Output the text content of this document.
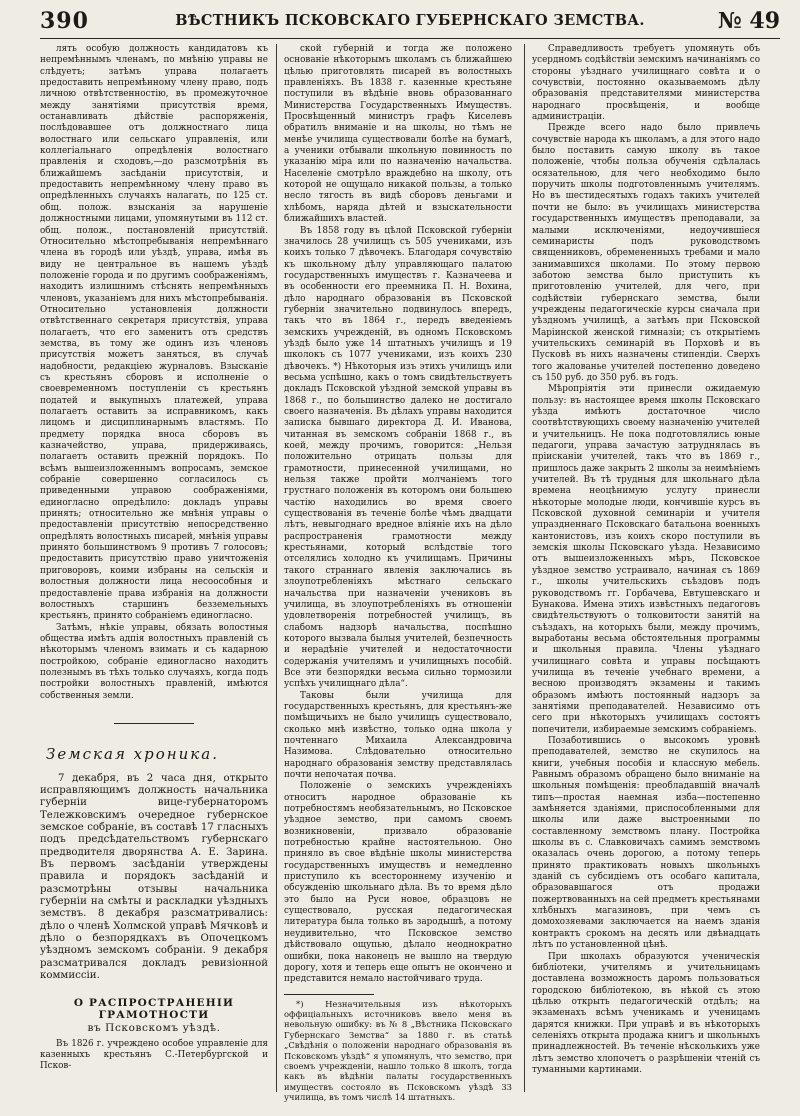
390	ВѢСТНИКЪ ПСКОВСКАГО ГУБЕРНСКАГО ЗЕМСТВА.	№ 49

лять особую должность кандидатовъ къ непремѣннымъ членамъ, по мнѣнію управы не слѣдуетъ; затѣмъ управа полагаетъ предоставить непремѣнному члену право, подъ личною отвѣтственностію, въ промежуточное между занятіями присутствія время, останавливать дѣйствіе распоряженія, послѣдовавшее отъ должностнаго лица волостнаго или сельскаго управленія, или коллегіальнаго опредѣленія волостнаго правленія и сходовъ,—до разсмотрѣнія въ ближайшемъ засѣданіи присутствія, и предоставить непремѣнному члену право въ опредѣленныхъ случаяхъ налагать, по 125 ст. общ. полож. взысканія за нарушеніе должностными лицами, упомянутыми въ 112 ст. общ. полож., постановленій присутствій. Относительно мѣстопребыванія непремѣннаго члена въ городѣ или уѣздѣ, управа, имѣя въ виду не центральное въ нашемъ уѣздѣ положеніе города и по другимъ соображеніямъ, находитъ излишнимъ стѣснять непремѣнныхъ членовъ, указаніемъ для нихъ мѣстопребыванія. Относительно установленія должности отвѣтственнаго секретаря присутствія, управа полагаетъ, что его заменитъ отъ средствъ земства, въ тому же одинъ изъ членовъ присутствія можетъ заняться, въ случаѣ надобности, редакціею журналовъ. Взысканіе съ крестьянъ сборовъ и исполненіе о своевременномъ поступленіи съ крестьянъ податей и выкупныхъ платежей, управа полагаетъ оставить за исправникомъ, какъ лицомъ и дисциплинарнымъ властямъ. По предмету порядка вноса сборовъ въ казначейство, управа, придерживаясь, полагаетъ оставить прежній порядокъ. По всѣмъ вышеизложеннымъ вопросамъ, земское собраніе совершенно согласилось съ приведенными управою соображеніями, единогласно опредѣлило: докладъ управы принять; относительно же мнѣнія управы о предоставленіи присутствію непосредственно опредѣлять волостныхъ писарей, мнѣнія управы принято большинствомъ 9 противъ 7 голосовъ; предоставить присутствію право уничтоженія приговоровъ, коими избраны на сельскія и волостныя должности лица несоособныя и предоставленіе права избранія на должности волостныхъ старшинъ безземельныхъ крестьянъ, принято собраніемъ единогласно.

Затѣмъ, нѣкіе управы, обязать волостныя общества имѣть адпія волостныхъ правленій съ нѣкоторымъ членомъ взимать и съ кадарною постройкою, собраніе единогласно находитъ полезнымъ въ тѣхъ только случаяхъ, когда подъ постройки волостныхъ правленій, имѣются собственныя земли.

Земская хроника.

7 декабря, въ 2 часа дня, открыто исправляющимъ должность начальника губерніи вице-губернаторомъ Тележковскимъ очередное губернское земское собраніе, въ составѣ 17 гласныхъ подъ предсѣдательствомъ губернскаго предводителя дворянства А. Е. Зарина. Въ первомъ засѣданіи утверждены правила и порядокъ засѣданій и разсмотрѣны отзывы начальника губерніи на смѣты и раскладки уѣздныхъ земствъ. 8 декабря разсматривались: дѣло о членѣ Холмской управѣ Мячковѣ и дѣло о безпорядкахъ въ Опочецкомъ уѣздномъ земскомъ собраніи. 9 декабря разсматривался докладъ ревизіонной коммиссіи.

О РАСПРОСТРАНЕНІИ ГРАМОТНОСТИ
въ Псковскомъ уѣздѣ.

Въ 1826 г. учреждено особое управленіе для казенныхъ крестьянъ С.-Петербургской и Псков-

ской губерній и тогда же положено основаніе нѣкоторымъ школамъ съ ближайшею цѣлью приготовлять писарей въ волостныхъ правленіяхъ. Въ 1838 г. казенные крестьяне поступили въ вѣдѣніе вновь образованнаго Министерства Государственныхъ Имуществъ. Просвѣщенный министръ графъ Киселевъ обратилъ вниманіе и на школы, но тѣмъ не менѣе училища существовали болѣе на бумагѣ, а ученики отбывали школьную повинность по указанію міра или по назначенію начальства. Населеніе смотрѣло враждебно на школу, отъ которой не ощущало никакой пользы, а только несло тягость въ видѣ сборовъ деньгами и хлѣбомъ, наряда дѣтей и взыскательности ближайшихъ властей.

Въ 1858 году въ цѣлой Псковской губерніи значилось 28 училищъ съ 505 учениками, изъ коихъ только 7 дѣвочекъ. Благодаря сочувствію къ школьному дѣлу управляющаго палатою государственныхъ имуществъ г. Казначеева и въ особенности его преемника П. Н. Вохина, дѣло народнаго образованія въ Псковской губерніи значительно подвинулось впередъ, такъ что въ 1864 г., передъ введеніемъ земскихъ учрежденій, въ одномъ Псковскомъ уѣздѣ было уже 14 штатныхъ училищъ и 19 школокъ съ 1077 учениками, изъ коихъ 230 дѣвочекъ. *) Нѣкоторыя изъ этихъ училищъ или весьма успѣшно, какъ о томъ свидѣтельствуетъ докладъ Псковской уѣздной земской управы въ 1868 г., по большинство далеко не достигало своего назначенія. Въ дѣлахъ управы находится записка бывшаго директора Д. И. Иванова, читанная въ земскомъ собраніи 1868 г., въ коей, между прочимъ, говорится: „Нельзя положительно отрицать пользы для грамотности, принесенной училищами, но нельзя также пройти молчаніемъ того грустнаго положенія въ которомъ они большею частію находились во время своего существованія въ теченіе болѣе чѣмъ двадцати лѣтъ, невыгоднаго вредное вліяніе ихъ на дѣло распространенія грамотности между крестьянами, который вслѣдствіе того отселялись холодно къ училищамъ. Причины такого страннаго явленія заключались въ злоупотребленіяхъ мѣстнаго сельскаго начальства при назначеніи учениковъ въ училища, въ злоупотребленіяхъ въ отношеніи удовлетворенія потребностей училищъ, въ слабомъ надзорѣ начальства, поспѣшно которого вызвала былыя учителей, безпечность и нерадѣніе учителей и недостаточности содержанія учителямъ и училищныхъ пособій. Все эти безпорядки весьма сильно тормозили успѣхъ училищнаго дѣла“.

Таковы были училища для государственныхъ крестьянъ, для крестьянъ-же помѣщичьихъ не было училищъ существовало, сколько мнѣ извѣстно, только одна школа у почтеннаго Михаила Александровича Назимова. Слѣдовательно относительно народнаго образованія земству представлялась почти непочатая почва.

Положеніе о земскихъ учрежденіяхъ относитъ народное образованіе къ потребностямъ необязательнымъ, но Псковское уѣздное земство, при самомъ своемъ возникновеніи, призвало образованіе потребностью крайне настоятельною. Оно приняло въ свое вѣдѣніе школы министерства государственныхъ имуществъ и немедленно приступило къ всестороннему изученію и обсужденію школьнаго дѣла. Въ то время дѣло это было на Руси новое, образцовъ не существовало, русская педагогическая литература была только въ зародышѣ, а потому неудивительно, что Псковское земство дѣйствовало ощупью, дѣлало неоднократно ошибки, пока наконецъ не вышло на твердую дорогу, хотя и теперь еще опытъ не окончено и представится немало настойчиваго труда.

*) Незначительныя изъ нѣкоторыхъ оффиціальныхъ источниковъ ввело меня въ невольную ошибку: въ № 8 „Вѣстника Псковскаго Губернскаго Земства“ за 1880 г. въ статьѣ „Свѣдѣнія о положеніи народнаго образованія въ Псковскомъ уѣздѣ“ я упомянулъ, что земство, при своемъ учрежденіи, нашло только 8 школъ, тогда какъ въ вѣдѣніи палаты государственныхъ имуществъ состояло въ Псковскомъ уѣздѣ 33 училища, въ томъ числѣ 14 штатныхъ.

Справедливость требуетъ упомянуть объ усердномъ содѣйствіи земскимъ начинаніямъ со стороны уѣзднаго училищнаго совѣта и о сочувствіи, постоянно оказываемомъ дѣлу образованія представителями министерства народнаго просвѣщенія, и вообще администраціи.

Прежде всего надо было привлечь сочувствіе народа къ школамъ, а для этого надо было поставить самую школу въ такое положеніе, чтобы польза обученія сдѣлалась осязательною, для чего необходимо было поручить школы подготовленнымъ учителямъ. Но въ шестидесятыхъ годахъ такихъ учителей почти не было: въ училищахъ министерства государственныхъ имуществъ преподавали, за малыми исключеніями, недоучившіеся семинаристы подъ руководствомъ священниковъ, обремененныхъ требами и мало занимавшихся школами. По этому первою заботою земства было приступить къ приготовленію учителей, для чего, при содѣйствіи губернскаго земства, были учреждены педагогическіе курсы сначала при уѣздномъ училищѣ, а затѣмъ при Псковской Маріинской женской гимназіи; съ открытіемъ учительскихъ семинарій въ Порховѣ и въ Пусковѣ въ нихъ назначены стипендіи. Сверхъ того жалованье учителей постепенно доведено съ 150 руб. до 350 руб. въ годъ.

Мѣропріятія эти принесли ожидаемую пользу: въ настоящее время школы Псковскаго уѣзда имѣютъ достаточное число соотвѣтствующихъ своему назначенію учителей и учительницъ. Не пока подготовлялись юные педагоги, управа зачастую затруднялась въ пріисканіи учителей, такъ что въ 1869 г., пришлось даже закрыть 2 школы за неимѣніемъ учителей. Въ тѣ трудныя для школьнаго дѣла времена неоцѣнимую услугу принесли нѣкоторые молодые люди, кончившіе курсъ въ Псковской духовной семинаріи и учителя упраздненнаго Псковскаго батальона военныхъ кантонистовъ, изъ коихъ скоро поступили въ земскія школы Псковскаго уѣзда. Независимо отъ вышеизложенныхъ мѣръ, Псковское уѣздное земство устраивало, начиная съ 1869 г., школы учительскихъ съѣздовъ подъ руководствомъ гг. Горбачева, Евтушевскаго и Бунакова. Имена этихъ извѣстныхъ педагоговъ свидѣтельствуютъ о толковитости занятій на съѣздахъ, на которыхъ были, между прочимъ, выработаны весьма обстоятельныя программы и школьныя правила. Члены уѣзднаго училищнаго совѣта и управы посѣщаютъ училища въ теченіе учебнаго времени, а весною производятъ экзамены и такимъ образомъ имѣютъ постоянный надзоръ за занятіями преподавателей. Независимо отъ сего при нѣкоторыхъ училищахъ состоятъ попечители, избираемые земскимъ собраніемъ.

Позаботившись о высокомъ уровнѣ преподавателей, земство не скупилось на книги, учебныя пособія и классную мебель. Равнымъ образомъ обращено было вниманіе на школьныя помѣщенія: преобладавшій вначалѣ типъ—простая наемная изба—постепенно замѣняется зданіями, приспособленными для школы или даже выстроенными по составленному земствомъ плану. Постройка школы въ с. Славковичахъ самимъ земствомъ оказалась очень дорогою, а потому теперь принято практиковать новыхъ школьныхъ зданій съ субсидіемъ отъ особаго капитала, образовавшагося отъ продажи пожертвованныхъ на сей предметъ крестьянами хлѣбныхъ магазиновъ, при чемъ съ домохозяевами заключается на наемъ зданія контрактъ срокомъ на десять или двѣнадцать лѣтъ по установленной цѣнѣ.

При школахъ образуются ученическія библіотеки, учителямъ и учительницамъ доставлена возможность даромъ пользоваться городскою библіотекою, въ нѣкой съ этою цѣлью открыть педагогическій отдѣлъ; на экзаменахъ всѣмъ ученикамъ и ученицамъ дарятся книжки. При управѣ и въ нѣкоторыхъ селеніяхъ открыта продажа книгъ и школьныхъ принадлежностей. Въ теченіе нѣсколькихъ уже лѣтъ земство хлопочетъ о разрѣшеніи чтеній съ туманными картинами.
